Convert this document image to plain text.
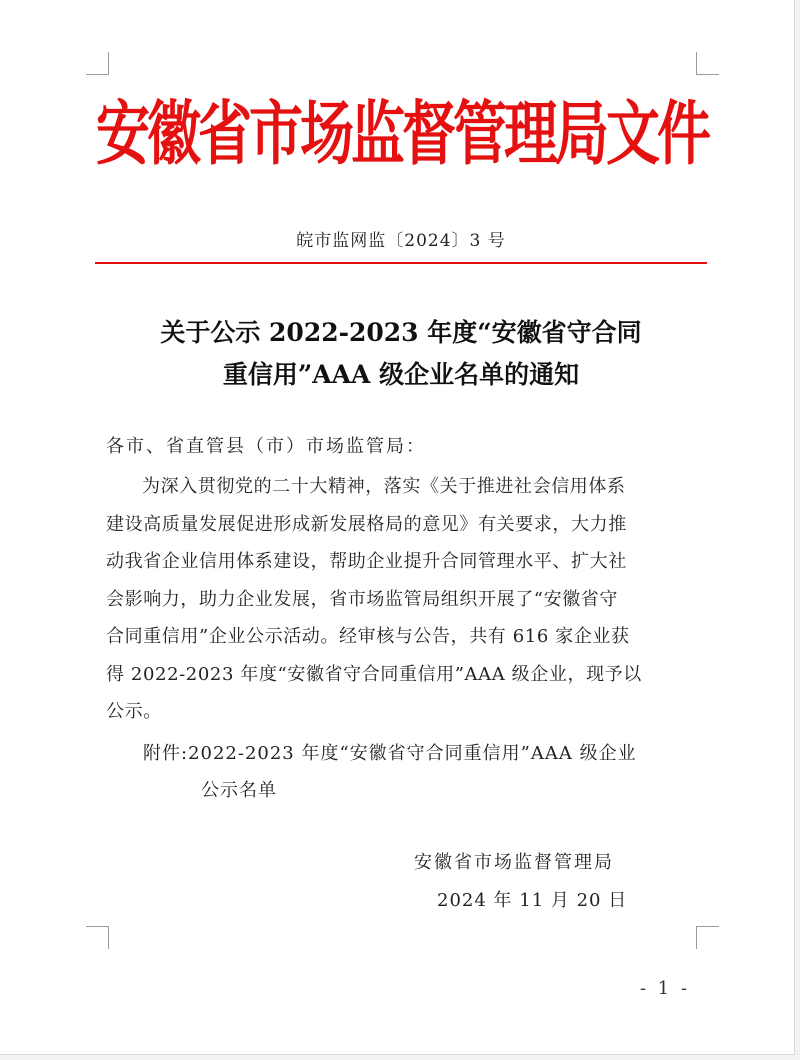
安徽省市场监督管理局文件
皖市监网监〔2024〕3 号
关于公示 2022-2023 年度“安徽省守合同
重信用”AAA 级企业名单的通知
各市、省直管县（市）市场监管局：
为深入贯彻党的二十大精神，落实《关于推进社会信用体系
建设高质量发展促进形成新发展格局的意见》有关要求，大力推
动我省企业信用体系建设，帮助企业提升合同管理水平、扩大社
会影响力，助力企业发展，省市场监管局组织开展了“安徽省守
合同重信用”企业公示活动。经审核与公告，共有 616 家企业获
得 2022-2023 年度“安徽省守合同重信用”AAA 级企业，现予以
公示。
附件:2022-2023 年度“安徽省守合同重信用”AAA 级企业
公示名单
安徽省市场监督管理局
2024 年 11 月 20 日
- 1 -
